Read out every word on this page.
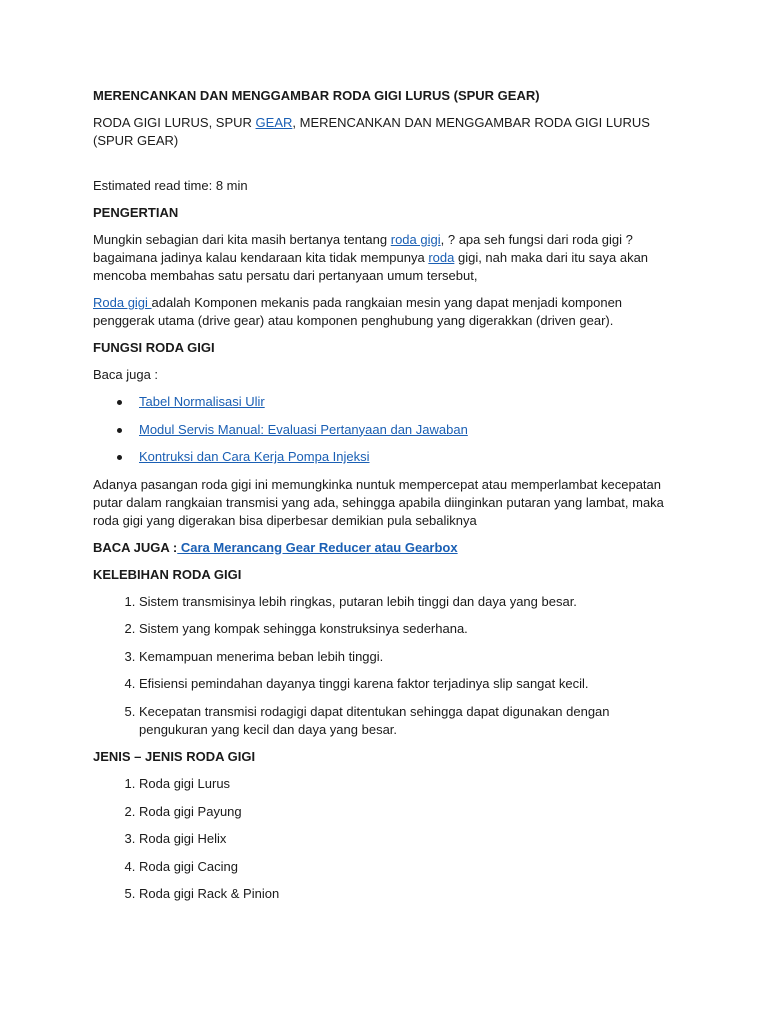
MERENCANKAN DAN MENGGAMBAR RODA GIGI LURUS (SPUR GEAR)

RODA GIGI LURUS, SPUR GEAR, MERENCANKAN DAN MENGGAMBAR RODA GIGI LURUS (SPUR GEAR)

Estimated read time: 8 min

PENGERTIAN

Mungkin sebagian dari kita masih bertanya tentang roda gigi, ? apa seh fungsi dari roda gigi ? bagaimana jadinya kalau kendaraan kita tidak mempunya roda gigi, nah maka dari itu saya akan mencoba membahas satu persatu dari pertanyaan umum tersebut,

Roda gigi adalah Komponen mekanis pada rangkaian mesin yang dapat menjadi komponen penggerak utama (drive gear) atau komponen penghubung yang digerakkan (driven gear).

FUNGSI RODA GIGI

Baca juga :

Tabel Normalisasi Ulir
Modul Servis Manual: Evaluasi Pertanyaan dan Jawaban
Kontruksi dan Cara Kerja Pompa Injeksi

Adanya pasangan roda gigi ini memungkinka nuntuk mempercepat atau memperlambat kecepatan putar dalam rangkaian transmisi yang ada, sehingga apabila diinginkan putaran yang lambat, maka roda gigi yang digerakan bisa diperbesar demikian pula sebaliknya

BACA JUGA : Cara Merancang Gear Reducer atau Gearbox

KELEBIHAN RODA GIGI

1. Sistem transmisinya lebih ringkas, putaran lebih tinggi dan daya yang besar.
2. Sistem yang kompak sehingga konstruksinya sederhana.
3. Kemampuan menerima beban lebih tinggi.
4. Efisiensi pemindahan dayanya tinggi karena faktor terjadinya slip sangat kecil.
5. Kecepatan transmisi rodagigi dapat ditentukan sehingga dapat digunakan dengan pengukuran yang kecil dan daya yang besar.

JENIS – JENIS RODA GIGI

1. Roda gigi Lurus
2. Roda gigi Payung
3. Roda gigi Helix
4. Roda gigi Cacing
5. Roda gigi Rack & Pinion
